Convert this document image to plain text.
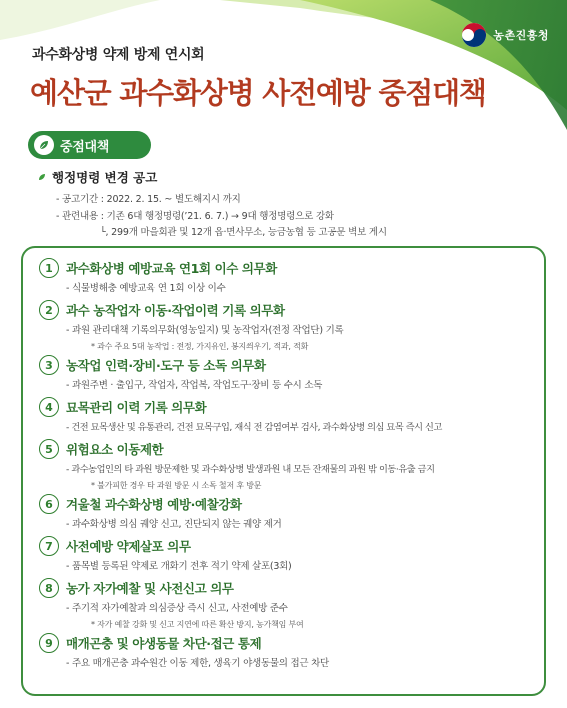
농촌진흥청
과수화상병 약제 방제 연시회
예산군 과수화상병 사전예방 중점대책
중점대책
행정명령 변경 공고
- 공고기간 : 2022. 2. 15. ~ 별도해지시 까지
- 관련내용 : 기존 6대 행정명령(’21. 6. 7.) → 9대 행정명령으로 강화
└, 299개 마을회관 및 12개 읍·면사무소, 능금농협 등 고공문 벽보 게시
1	과수화상병 예방교육 연1회 이수 의무화
- 식물병해충 예방교육 연 1회 이상 이수
2	과수 농작업자 이동·작업이력 기록 의무화
- 과원 관리대책 기록의무화(영농일지) 및 농작업자(전정 작업단) 기록
* 과수 주요 5대 농작업 : 전정, 가지유인, 봉지씌우기, 적과, 적화
3	농작업 인력·장비·도구 등 소독 의무화
- 과원주변 · 출입구, 작업자, 작업복, 작업도구·장비 등 수시 소독
4	묘목관리 이력 기록 의무화
- 건전 묘목생산 및 유통관리, 건전 묘목구입, 재식 전 감염여부 검사, 과수화상병 의심 묘목 즉시 신고
5	위험요소 이동제한
- 과수농업인의 타 과원 방문제한 및 과수화상병 발생과원 내 모든 잔재물의 과원 밖 이동·유출 금지
* 불가피한 경우 타 과원 방문 시 소독 철저 후 방문
6	겨울철 과수화상병 예방·예찰강화
- 과수화상병 의심 궤양 신고, 진단되지 않는 궤양 제거
7	사전예방 약제살포 의무
- 품목별 등록된 약제로 개화기 전후 적기 약제 살포(3회)
8	농가 자가예찰 및 사전신고 의무
- 주기적 자가예찰과 의심증상 즉시 신고, 사전예방 준수
* 자가 예찰 강화 및 신고 지연에 따른 확산 방지, 농가책임 부여
9	매개곤충 및 야생동물 차단·접근 통제
- 주요 매개곤충 과수원간 이동 제한, 생육기 야생동물의 접근 차단
